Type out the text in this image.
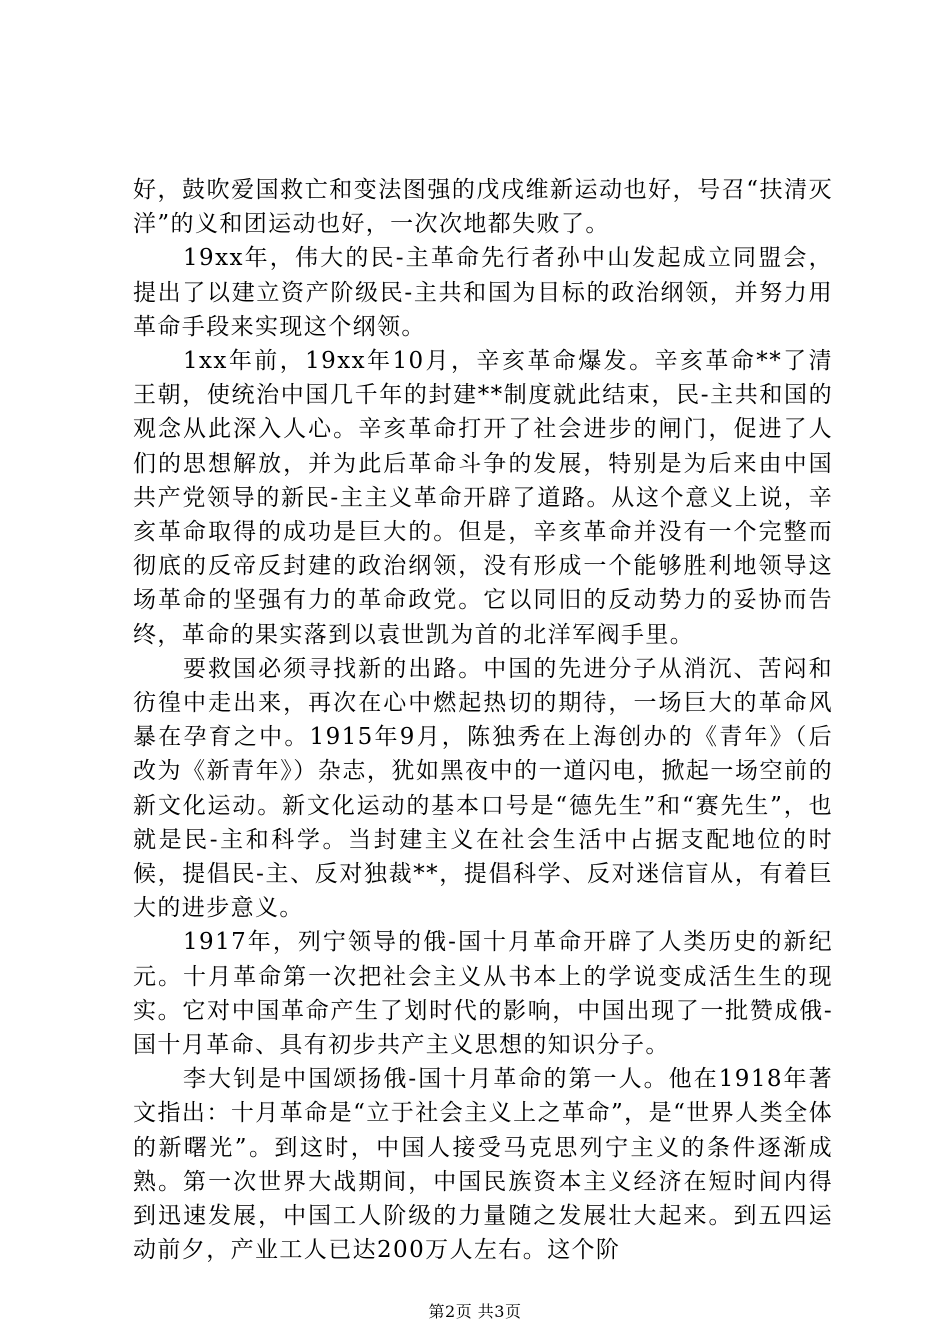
好，鼓吹爱国救亡和变法图强的戊戌维新运动也好，号召“扶清灭洋”的义和团运动也好，一次次地都失败了。

19xx年，伟大的民-主革命先行者孙中山发起成立同盟会，提出了以建立资产阶级民-主共和国为目标的政治纲领，并努力用革命手段来实现这个纲领。

1xx年前，19xx年10月，辛亥革命爆发。辛亥革命**了清王朝，使统治中国几千年的封建**制度就此结束，民-主共和国的观念从此深入人心。辛亥革命打开了社会进步的闸门，促进了人们的思想解放，并为此后革命斗争的发展，特别是为后来由中国共产党领导的新民-主主义革命开辟了道路。从这个意义上说，辛亥革命取得的成功是巨大的。但是，辛亥革命并没有一个完整而彻底的反帝反封建的政治纲领，没有形成一个能够胜利地领导这场革命的坚强有力的革命政党。它以同旧的反动势力的妥协而告终，革命的果实落到以袁世凯为首的北洋军阀手里。

要救国必须寻找新的出路。中国的先进分子从消沉、苦闷和彷徨中走出来，再次在心中燃起热切的期待，一场巨大的革命风暴在孕育之中。1915年9月，陈独秀在上海创办的《青年》（后改为《新青年》）杂志，犹如黑夜中的一道闪电，掀起一场空前的新文化运动。新文化运动的基本口号是“德先生”和“赛先生”，也就是民-主和科学。当封建主义在社会生活中占据支配地位的时候，提倡民-主、反对独裁**，提倡科学、反对迷信盲从，有着巨大的进步意义。

1917年，列宁领导的俄-国十月革命开辟了人类历史的新纪元。十月革命第一次把社会主义从书本上的学说变成活生生的现实。它对中国革命产生了划时代的影响，中国出现了一批赞成俄-国十月革命、具有初步共产主义思想的知识分子。

李大钊是中国颂扬俄-国十月革命的第一人。他在1918年著文指出：十月革命是“立于社会主义上之革命”，是“世界人类全体的新曙光”。到这时，中国人接受马克思列宁主义的条件逐渐成熟。第一次世界大战期间，中国民族资本主义经济在短时间内得到迅速发展，中国工人阶级的力量随之发展壮大起来。到五四运动前夕，产业工人已达200万人左右。这个阶

第2页 共3页
